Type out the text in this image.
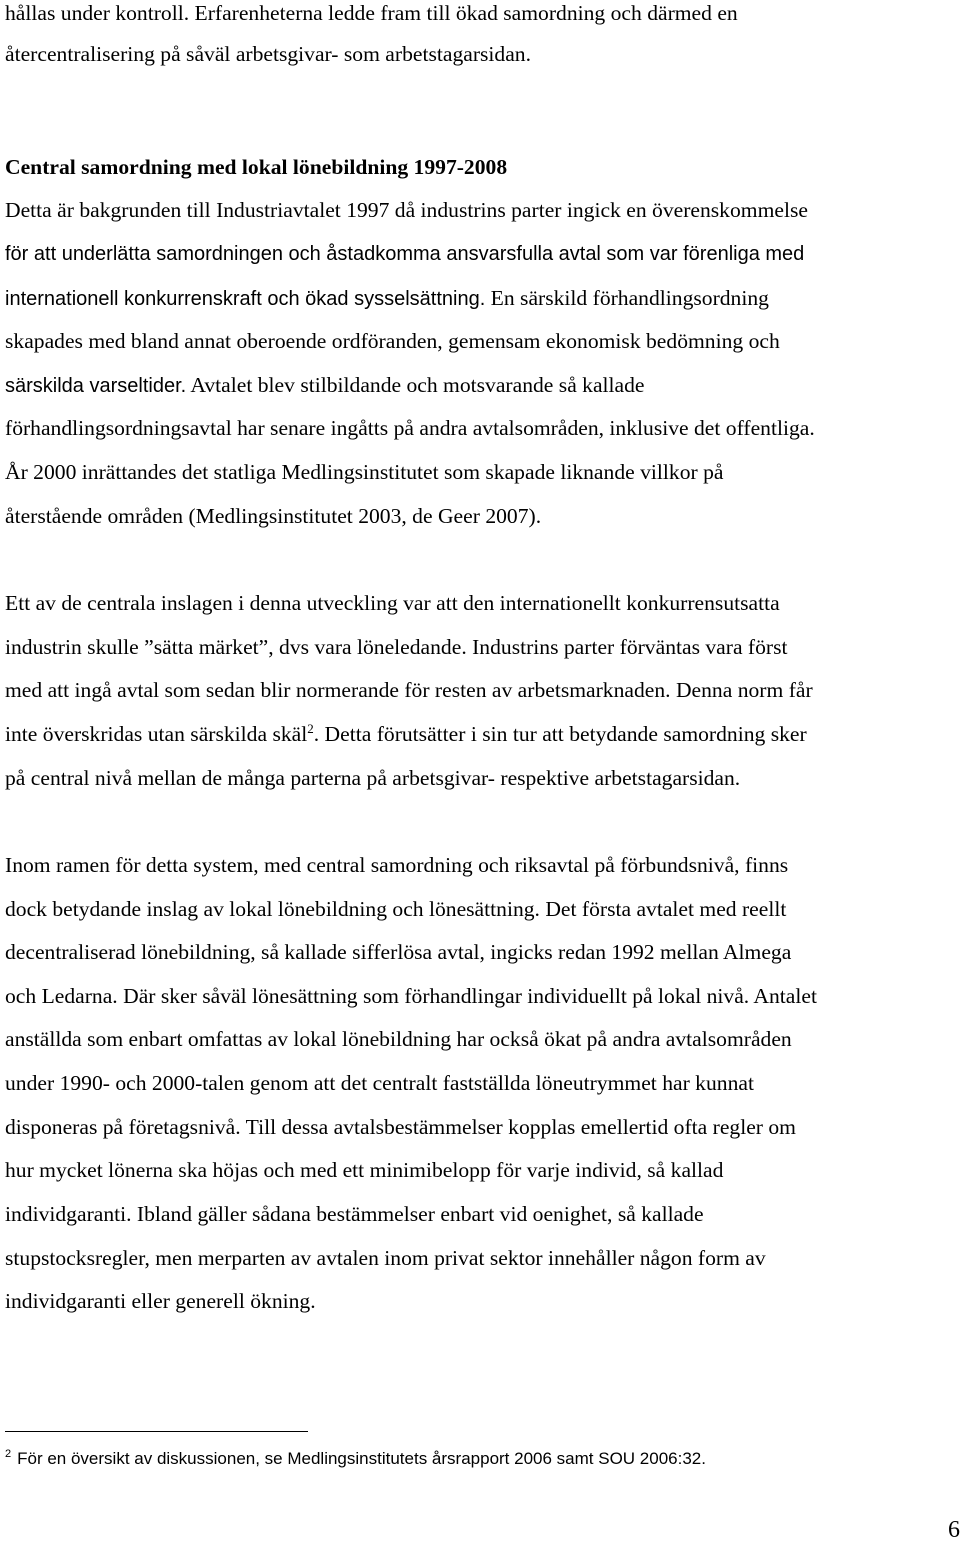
hållas under kontroll. Erfarenheterna ledde fram till ökad samordning och därmed en
återcentralisering på såväl arbetsgivar- som arbetstagarsidan.
Central samordning med lokal lönebildning 1997-2008
Detta är bakgrunden till Industriavtalet 1997 då industrins parter ingick en överenskommelse
för att underlätta samordningen och åstadkomma ansvarsfulla avtal som var förenliga med
internationell konkurrenskraft och ökad sysselsättning. En särskild förhandlingsordning
skapades med bland annat oberoende ordföranden, gemensam ekonomisk bedömning och
särskilda varseltider. Avtalet blev stilbildande och motsvarande så kallade
förhandlingsordningsavtal har senare ingåtts på andra avtalsområden, inklusive det offentliga.
År 2000 inrättandes det statliga Medlingsinstitutet som skapade liknande villkor på
återstående områden (Medlingsinstitutet 2003, de Geer 2007).
Ett av de centrala inslagen i denna utveckling var att den internationellt konkurrensutsatta
industrin skulle ”sätta märket”, dvs vara löneledande. Industrins parter förväntas vara först
med att ingå avtal som sedan blir normerande för resten av arbetsmarknaden. Denna norm får
inte överskridas utan särskilda skäl$^2$. Detta förutsätter i sin tur att betydande samordning sker
på central nivå mellan de många parterna på arbetsgivar- respektive arbetstagarsidan.
Inom ramen för detta system, med central samordning och riksavtal på förbundsnivå, finns
dock betydande inslag av lokal lönebildning och lönesättning. Det första avtalet med reellt
decentraliserad lönebildning, så kallade sifferlösa avtal, ingicks redan 1992 mellan Almega
och Ledarna. Där sker såväl lönesättning som förhandlingar individuellt på lokal nivå. Antalet
anställda som enbart omfattas av lokal lönebildning har också ökat på andra avtalsområden
under 1990- och 2000-talen genom att det centralt fastställda löneutrymmet har kunnat
disponeras på företagsnivå. Till dessa avtalsbestämmelser kopplas emellertid ofta regler om
hur mycket lönerna ska höjas och med ett minimibelopp för varje individ, så kallad
individgaranti. Ibland gäller sådana bestämmelser enbart vid oenighet, så kallade
stupstocksregler, men merparten av avtalen inom privat sektor innehåller någon form av
individgaranti eller generell ökning.
$^2$ För en översikt av diskussionen, se Medlingsinstitutets årsrapport 2006 samt SOU 2006:32.
6
